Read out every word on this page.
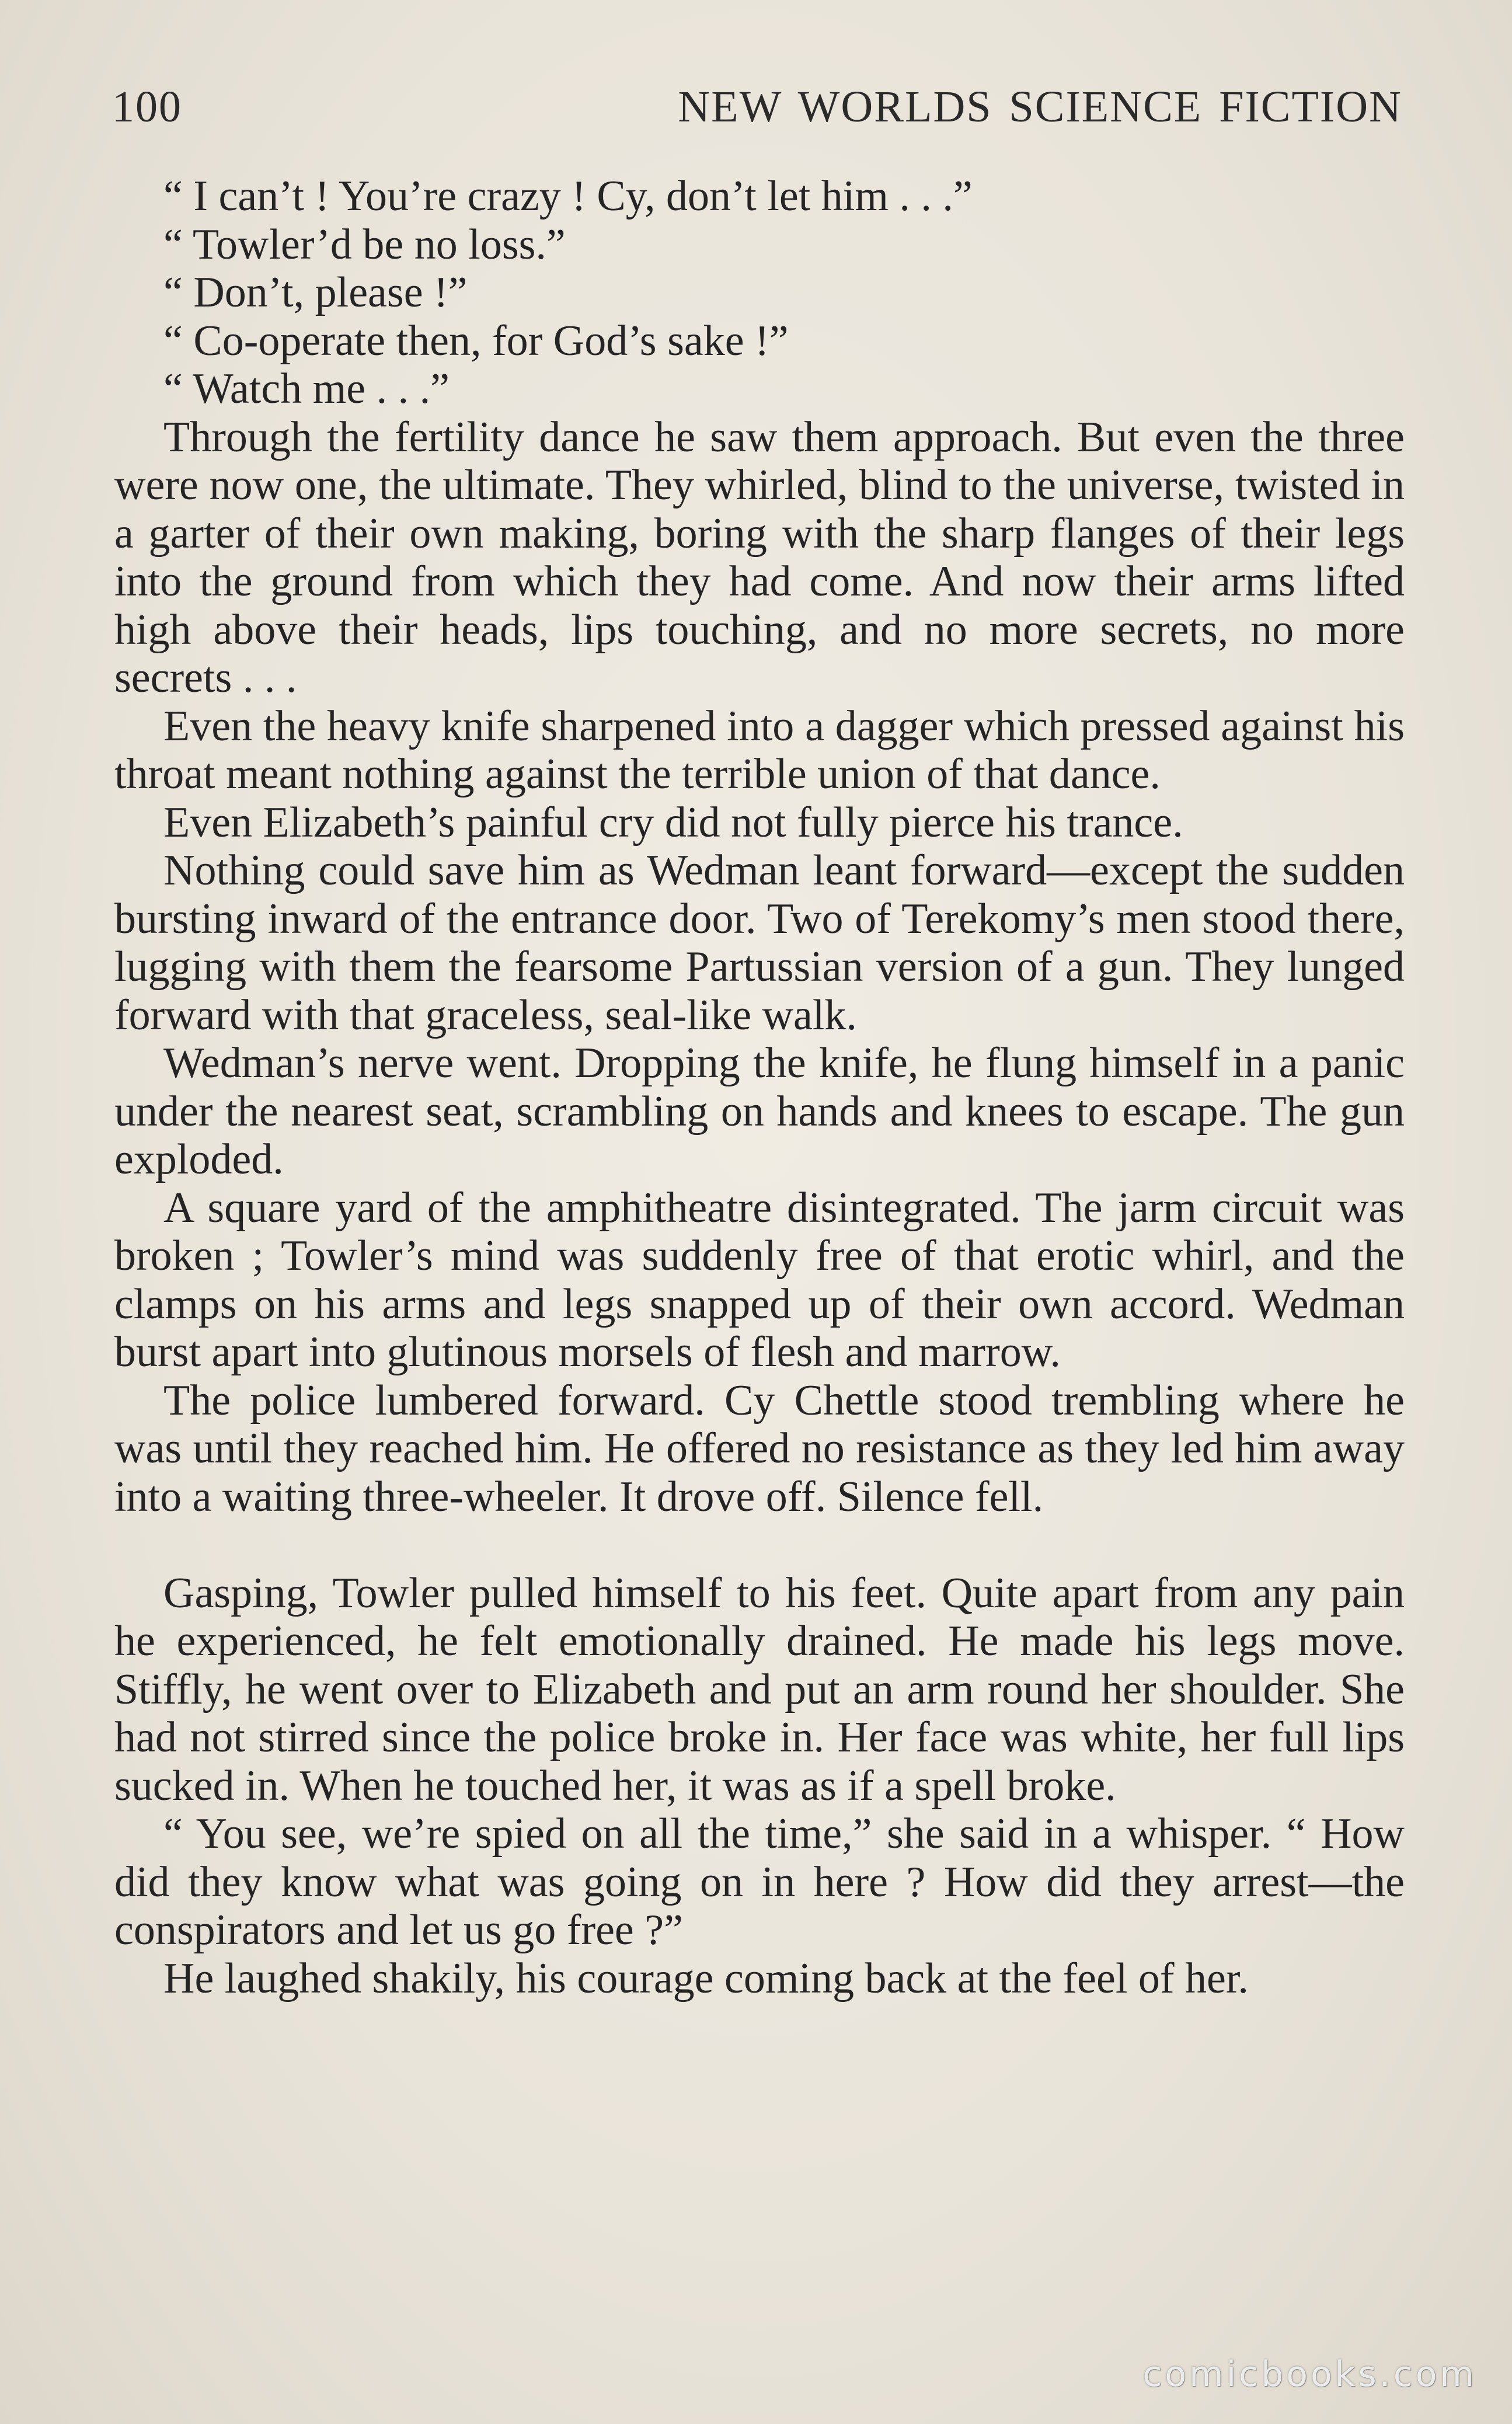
100	NEW WORLDS SCIENCE FICTION

“ I can’t ! You’re crazy ! Cy, don’t let him . . .”

“ Towler’d be no loss.”

“ Don’t, please !”

“ Co-operate then, for God’s sake !”

“ Watch me . . .”

Through the fertility dance he saw them approach. But even the three were now one, the ultimate. They whirled, blind to the universe, twisted in a garter of their own making, boring with the sharp flanges of their legs into the ground from which they had come. And now their arms lifted high above their heads, lips touching, and no more secrets, no more secrets . . .

Even the heavy knife sharpened into a dagger which pressed against his throat meant nothing against the terrible union of that dance.

Even Elizabeth’s painful cry did not fully pierce his trance.

Nothing could save him as Wedman leant forward—except the sudden bursting inward of the entrance door. Two of Terekomy’s men stood there, lugging with them the fearsome Partussian version of a gun. They lunged forward with that graceless, seal-like walk.

Wedman’s nerve went. Dropping the knife, he flung himself in a panic under the nearest seat, scrambling on hands and knees to escape. The gun exploded.

A square yard of the amphitheatre disintegrated. The jarm circuit was broken ; Towler’s mind was suddenly free of that erotic whirl, and the clamps on his arms and legs snapped up of their own accord. Wedman burst apart into glutinous morsels of flesh and marrow.

The police lumbered forward. Cy Chettle stood trembling where he was until they reached him. He offered no resistance as they led him away into a waiting three-wheeler. It drove off. Silence fell.

Gasping, Towler pulled himself to his feet. Quite apart from any pain he experienced, he felt emotionally drained. He made his legs move. Stiffly, he went over to Elizabeth and put an arm round her shoulder. She had not stirred since the police broke in. Her face was white, her full lips sucked in. When he touched her, it was as if a spell broke.

“ You see, we’re spied on all the time,” she said in a whisper. “ How did they know what was going on in here ? How did they arrest—the conspirators and let us go free ?”

He laughed shakily, his courage coming back at the feel of her.

comicbooks.com
